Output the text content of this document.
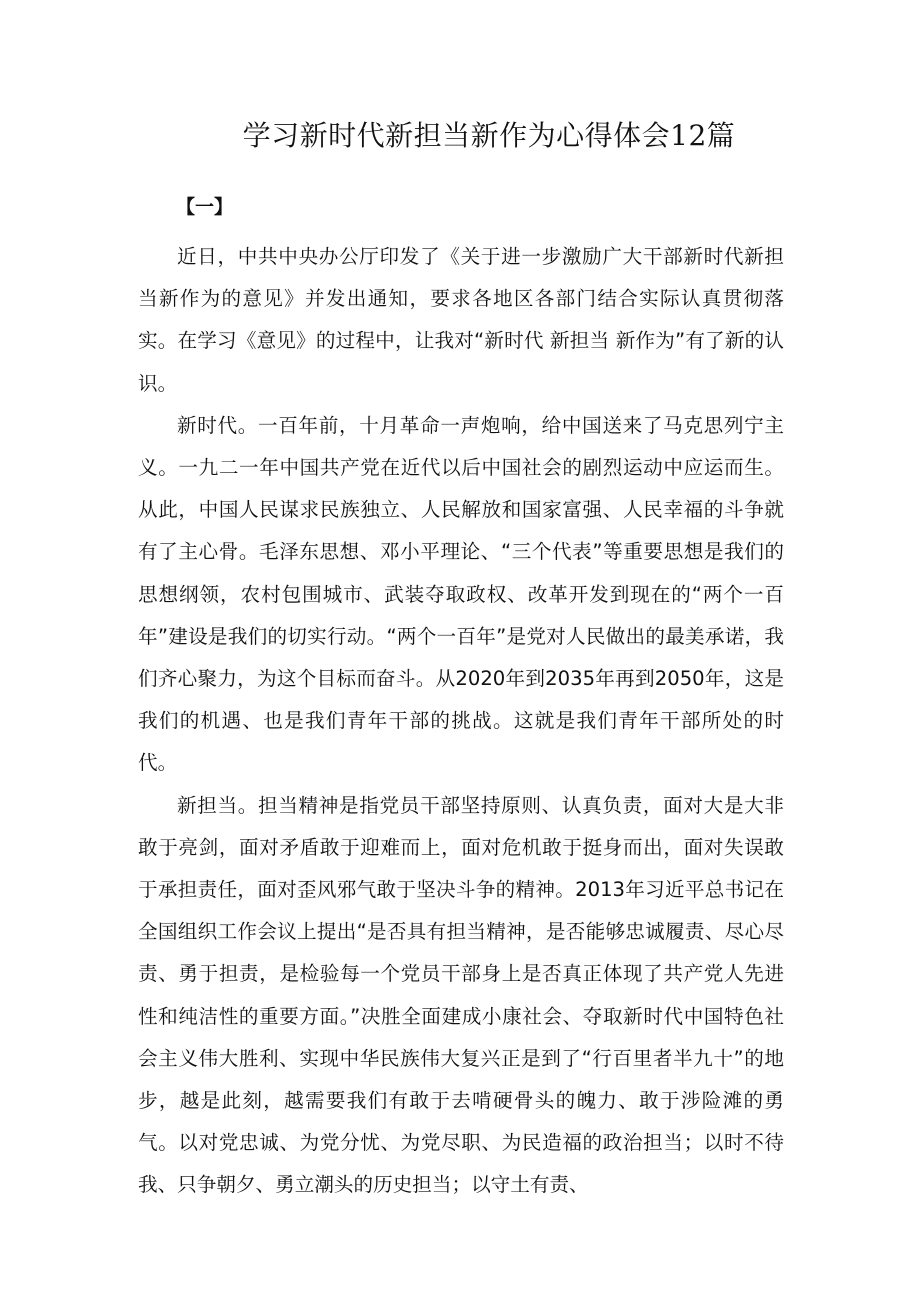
学习新时代新担当新作为心得体会12篇
【一】

近日，中共中央办公厅印发了《关于进一步激励广大干部新时代新担当新作为的意见》并发出通知，要求各地区各部门结合实际认真贯彻落实。在学习《意见》的过程中，让我对“新时代 新担当 新作为”有了新的认识。

新时代。一百年前，十月革命一声炮响，给中国送来了马克思列宁主义。一九二一年中国共产党在近代以后中国社会的剧烈运动中应运而生。从此，中国人民谋求民族独立、人民解放和国家富强、人民幸福的斗争就有了主心骨。毛泽东思想、邓小平理论、“三个代表”等重要思想是我们的思想纲领，农村包围城市、武装夺取政权、改革开发到现在的“两个一百年”建设是我们的切实行动。“两个一百年”是党对人民做出的最美承诺，我们齐心聚力，为这个目标而奋斗。从2020年到2035年再到2050年，这是我们的机遇、也是我们青年干部的挑战。这就是我们青年干部所处的时代。

新担当。担当精神是指党员干部坚持原则、认真负责，面对大是大非敢于亮剑，面对矛盾敢于迎难而上，面对危机敢于挺身而出，面对失误敢于承担责任，面对歪风邪气敢于坚决斗争的精神。2013年习近平总书记在全国组织工作会议上提出“是否具有担当精神，是否能够忠诚履责、尽心尽责、勇于担责，是检验每一个党员干部身上是否真正体现了共产党人先进性和纯洁性的重要方面。”决胜全面建成小康社会、夺取新时代中国特色社会主义伟大胜利、实现中华民族伟大复兴正是到了“行百里者半九十”的地步，越是此刻，越需要我们有敢于去啃硬骨头的魄力、敢于涉险滩的勇气。以对党忠诚、为党分忧、为党尽职、为民造福的政治担当；以时不待我、只争朝夕、勇立潮头的历史担当；以守土有责、
